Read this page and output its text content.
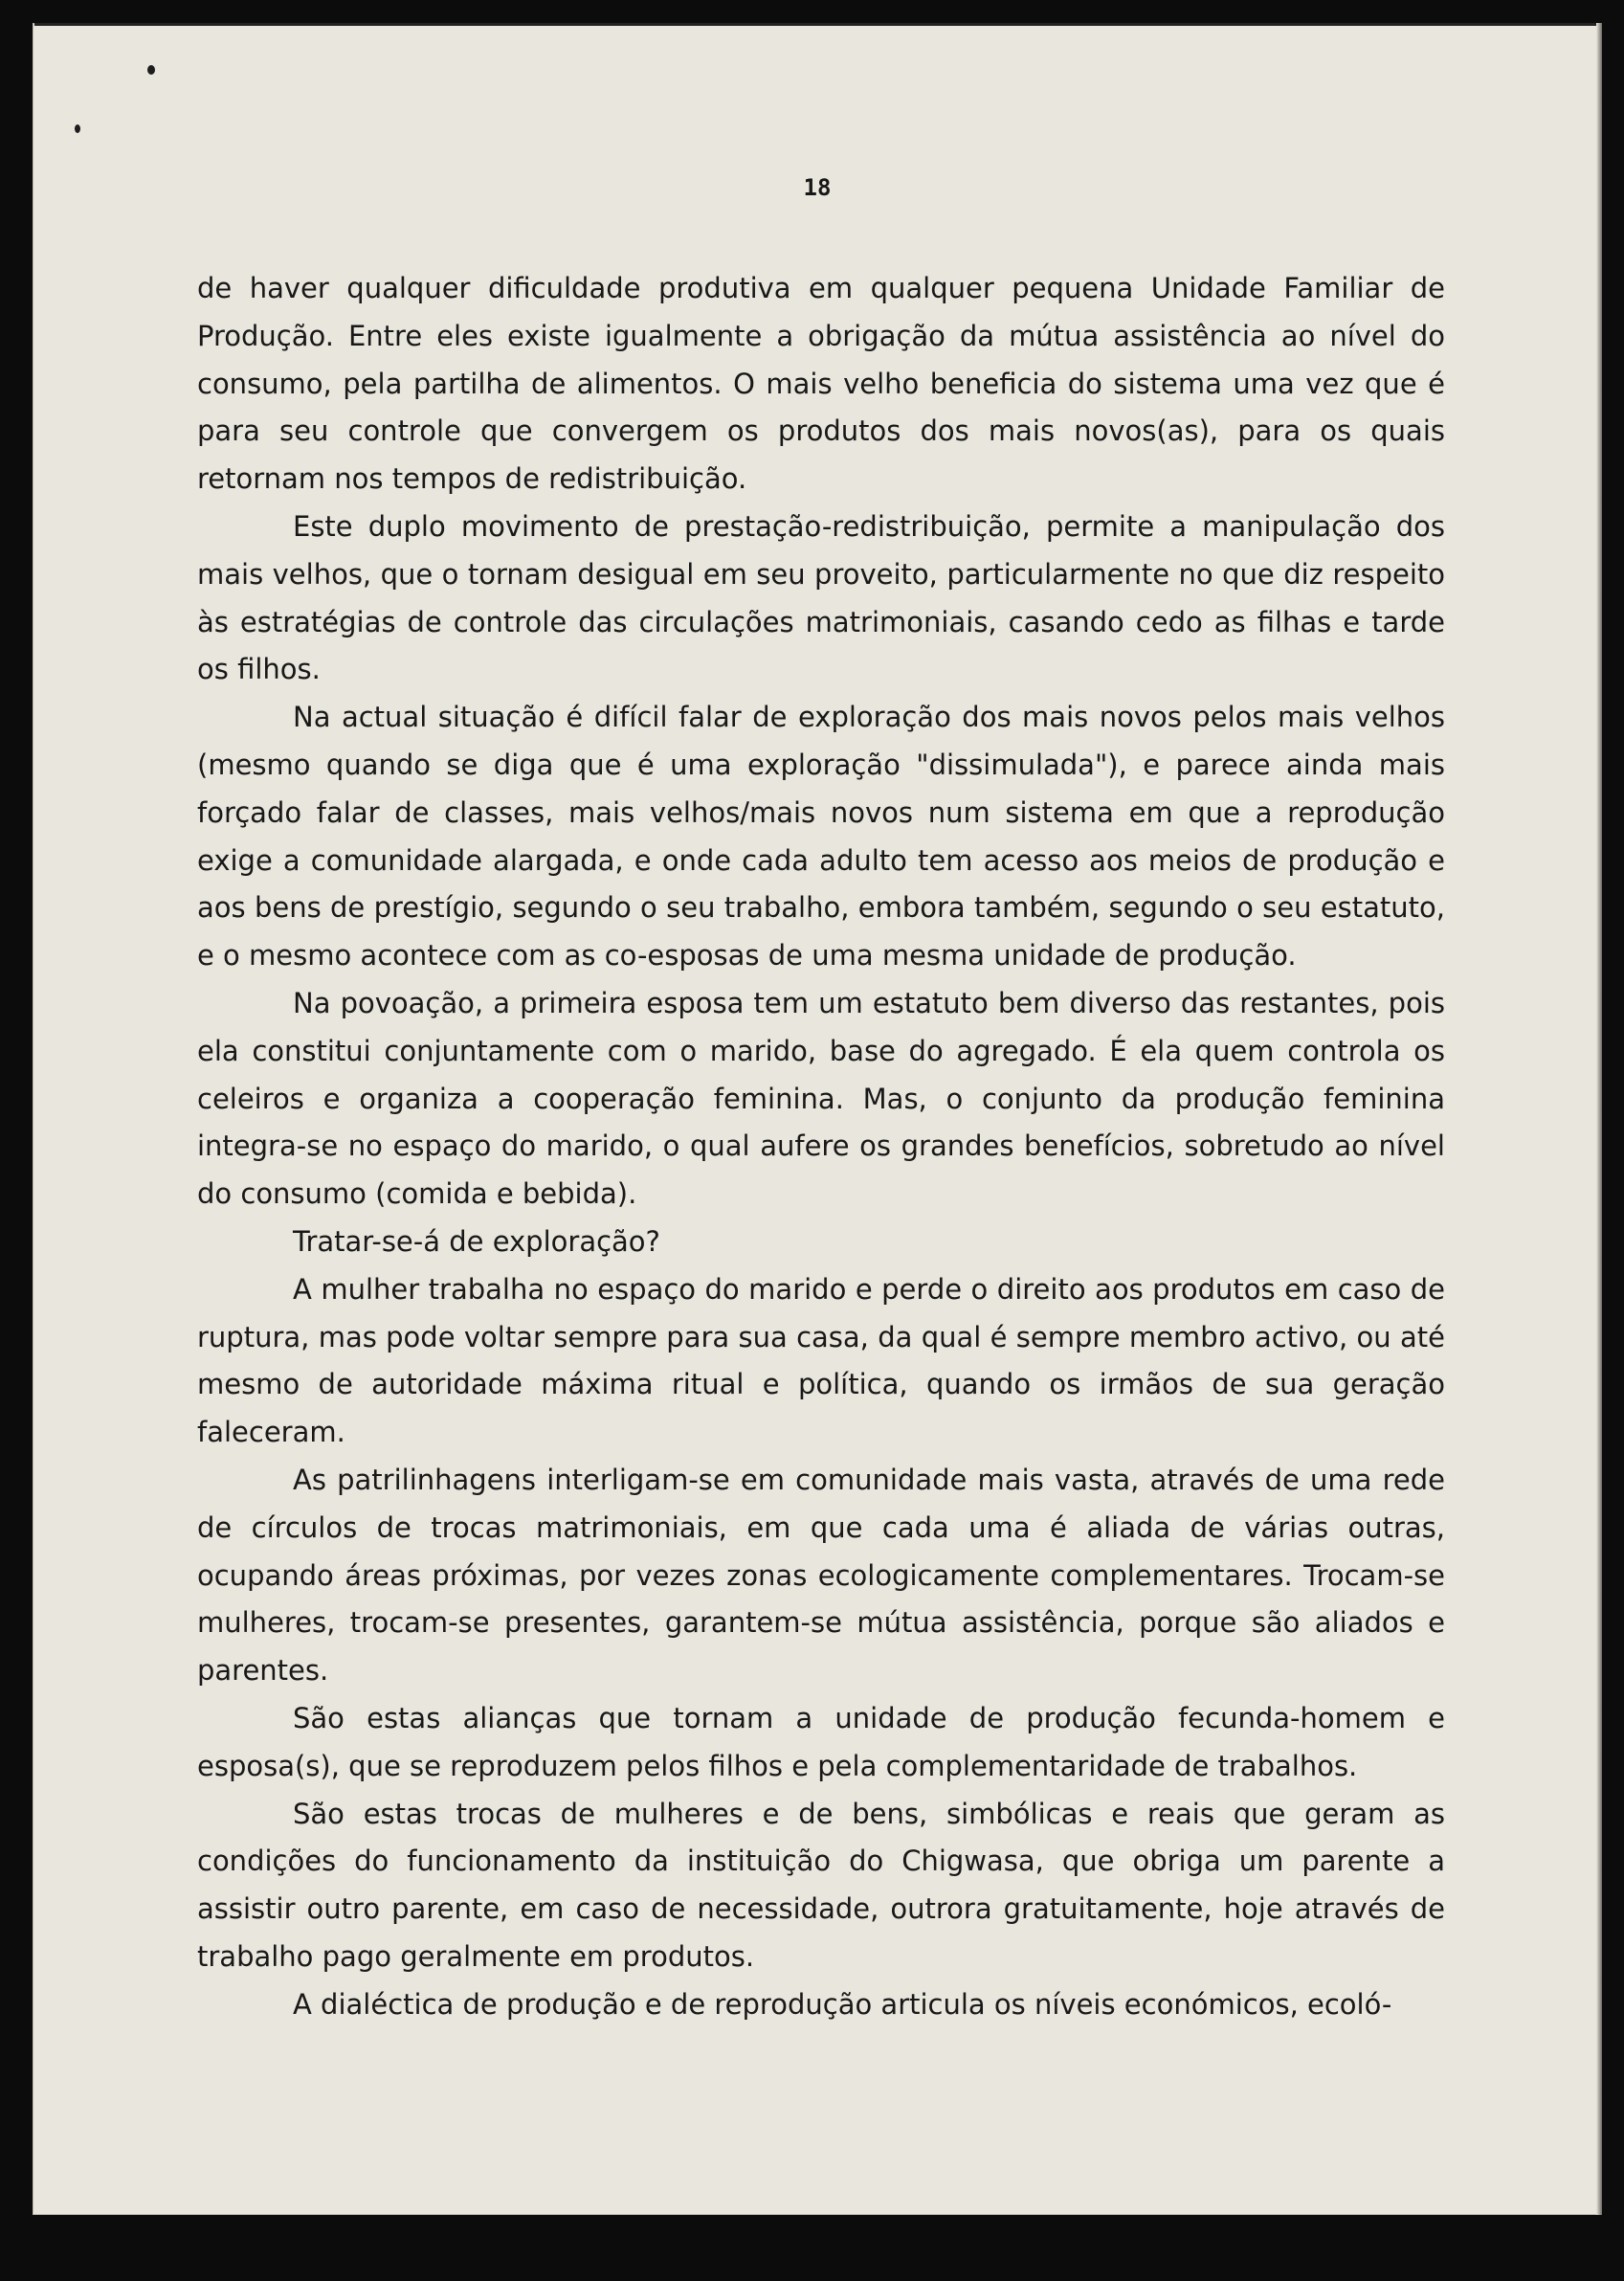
18

de haver qualquer dificuldade produtiva em qualquer pequena Unidade Familiar de Produção. Entre eles existe igualmente a obrigação da mútua assistência ao nível do consumo, pela partilha de alimentos. O mais velho beneficia do sistema uma vez que é para seu controle que convergem os produtos dos mais novos(as), para os quais retornam nos tempos de redistribuição.

Este duplo movimento de prestação-redistribuição, permite a manipulação dos mais velhos, que o tornam desigual em seu proveito, particularmente no que diz respeito às estratégias de controle das circulações matrimoniais, casando cedo as filhas e tarde os filhos.

Na actual situação é difícil falar de exploração dos mais novos pelos mais velhos (mesmo quando se diga que é uma exploração "dissimulada"), e parece ainda mais forçado falar de classes, mais velhos/mais novos num sistema em que a reprodução exige a comunidade alargada, e onde cada adulto tem acesso aos meios de produção e aos bens de prestígio, segundo o seu trabalho, embora também, segundo o seu estatuto, e o mesmo acontece com as co-esposas de uma mesma unidade de produção.

Na povoação, a primeira esposa tem um estatuto bem diverso das restantes, pois ela constitui conjuntamente com o marido, base do agregado. É ela quem controla os celeiros e organiza a cooperação feminina. Mas, o conjunto da produção feminina integra-se no espaço do marido, o qual aufere os grandes benefícios, sobretudo ao nível do consumo (comida e bebida).

Tratar-se-á de exploração?

A mulher trabalha no espaço do marido e perde o direito aos produtos em caso de ruptura, mas pode voltar sempre para sua casa, da qual é sempre membro activo, ou até mesmo de autoridade máxima ritual e política, quando os irmãos de sua geração faleceram.

As patrilinhagens interligam-se em comunidade mais vasta, através de uma rede de círculos de trocas matrimoniais, em que cada uma é aliada de várias outras, ocupando áreas próximas, por vezes zonas ecologicamente complementares. Trocam-se mulheres, trocam-se presentes, garantem-se mútua assistência, porque são aliados e parentes.

São estas alianças que tornam a unidade de produção fecunda-homem e esposa(s), que se reproduzem pelos filhos e pela complementaridade de trabalhos.

São estas trocas de mulheres e de bens, simbólicas e reais que geram as condições do funcionamento da instituição do Chigwasa, que obriga um parente a assistir outro parente, em caso de necessidade, outrora gratuitamente, hoje através de trabalho pago geralmente em produtos.

A dialéctica de produção e de reprodução articula os níveis económicos, ecoló-
